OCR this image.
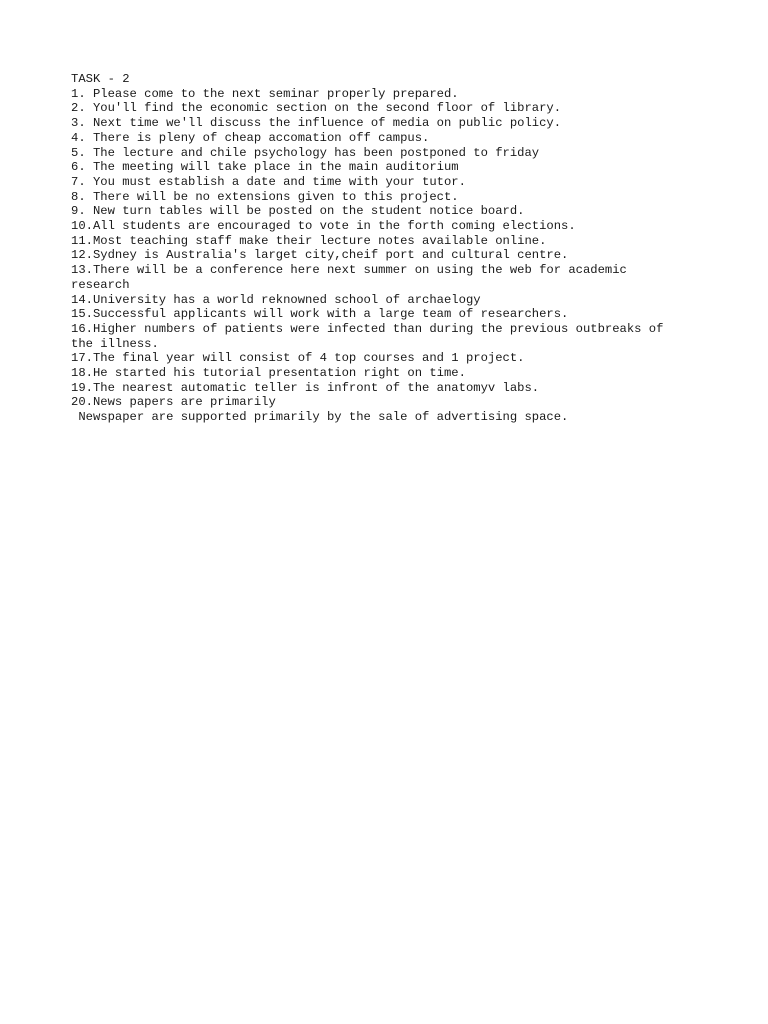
TASK - 2
1. Please come to the next seminar properly prepared.
2. You'll find the economic section on the second floor of library.
3. Next time we'll discuss the influence of media on public policy.
4. There is pleny of cheap accomation off campus.
5. The lecture and chile psychology has been postponed to friday
6. The meeting will take place in the main auditorium
7. You must establish a date and time with your tutor.
8. There will be no extensions given to this project.
9. New turn tables will be posted on the student notice board.
10.All students are encouraged to vote in the forth coming elections.
11.Most teaching staff make their lecture notes available online.
12.Sydney is Australia's larget city,cheif port and cultural centre.
13.There will be a conference here next summer on using the web for academic
research
14.University has a world reknowned school of archaelogy
15.Successful applicants will work with a large team of researchers.
16.Higher numbers of patients were infected than during the previous outbreaks of
the illness.
17.The final year will consist of 4 top courses and 1 project.
18.He started his tutorial presentation right on time.
19.The nearest automatic teller is infront of the anatomyv labs.
20.News papers are primarily
Newspaper are supported primarily by the sale of advertising space.
